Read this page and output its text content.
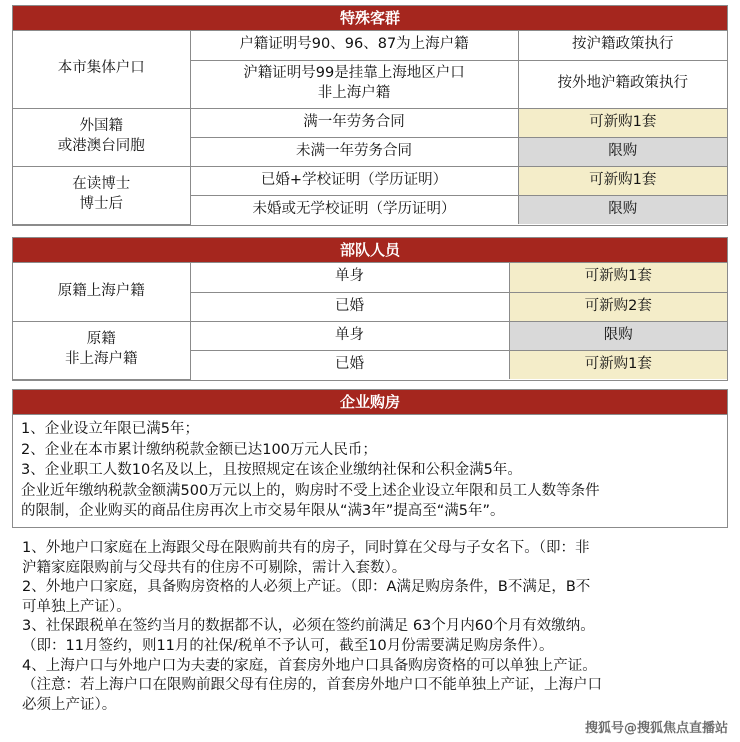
特殊客群
本市集体户口	户籍证明号90、96、87为上海户籍	按沪籍政策执行

	沪籍证明号99是挂靠上海地区户口
非上海户籍	按外地沪籍政策执行

外国籍
或港澳台同胞	满一年劳务合同	可新购1套
	未满一年劳务合同	限购

在读博士
博士后	已婚+学校证明（学历证明）	可新购1套
	未婚或无学校证明（学历证明）	限购
部队人员
原籍上海户籍	单身	可新购1套
	已婚	可新购2套

原籍
非上海户籍	单身	限购
	已婚	可新购1套
企业购房
1、企业设立年限已满5年；
2、企业在本市累计缴纳税款金额已达100万元人民币；
3、企业职工人数10名及以上，且按照规定在该企业缴纳社保和公积金满5年。
企业近年缴纳税款金额满500万元以上的，购房时不受上述企业设立年限和员工人数等条件
的限制，企业购买的商品住房再次上市交易年限从“满3年”提高至“满5年”。
1、外地户口家庭在上海跟父母在限购前共有的房子，同时算在父母与子女名下。（即：非
沪籍家庭限购前与父母共有的住房不可剔除，需计入套数）。
2、外地户口家庭，具备购房资格的人必须上产证。（即：A满足购房条件，B不满足，B不
可单独上产证）。
3、社保跟税单在签约当月的数据都不认，必须在签约前满足 63个月内60个月有效缴纳。
（即：11月签约，则11月的社保/税单不予认可，截至10月份需要满足购房条件）。
4、上海户口与外地户口为夫妻的家庭，首套房外地户口具备购房资格的可以单独上产证。
（注意：若上海户口在限购前跟父母有住房的，首套房外地户口不能单独上产证，上海户口
必须上产证）。
搜狐号@搜狐焦点直播站
